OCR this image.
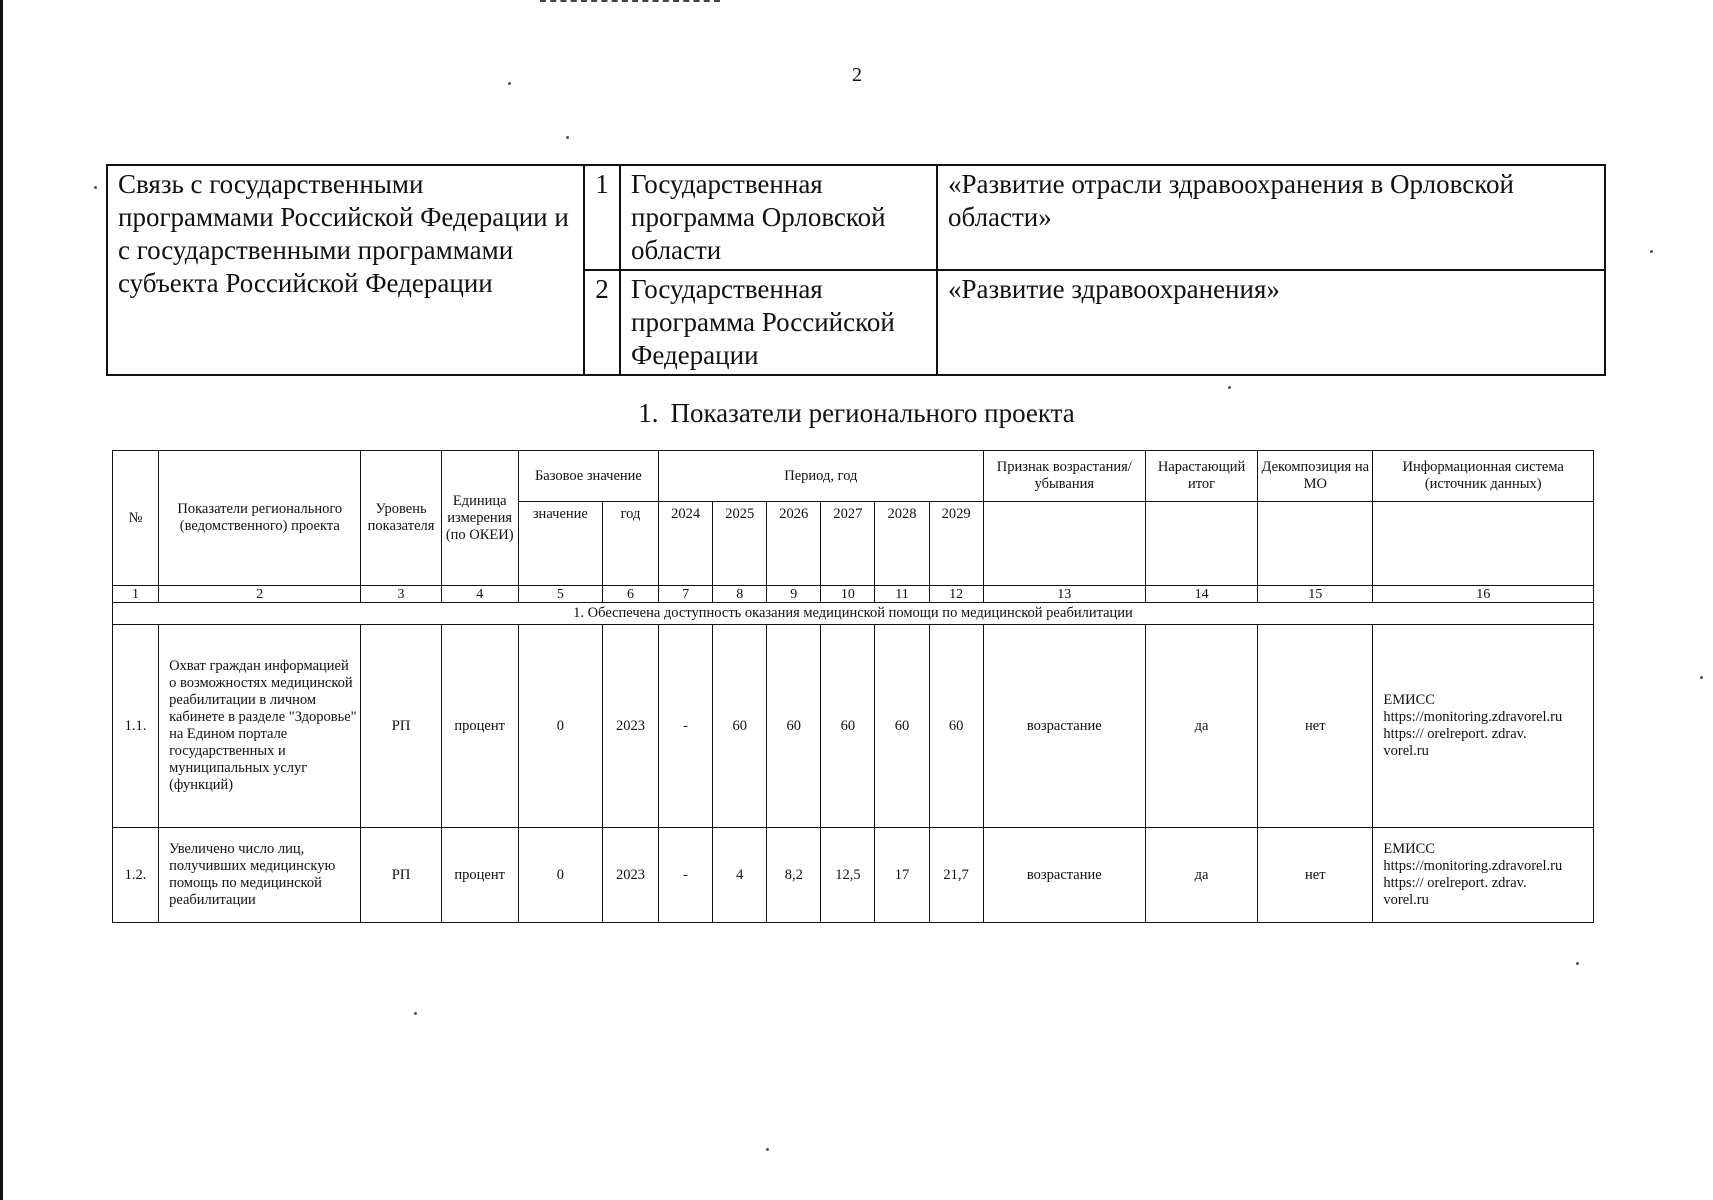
2
Связь с государственными программами Российской Федерации и с государственными программами субъекта Российской Федерации	1	Государственная программа Орловской области	«Развитие отрасли здравоохранения в Орловской области»
	2	Государственная программа Российской Федерации	«Развитие здравоохранения»
1. Показатели регионального проекта
№	Показатели регионального (ведомственного) проекта	Уровень показателя	Единица измерения (по ОКЕИ)	Базовое значение		Период, год						Признак возрастания/убывания	Нарастающий итог	Декомпозиция на МО	Информационная система (источник данных)
				значение	год	2024	2025	2026	2027	2028	2029				
1	2	3	4	5	6	7	8	9	10	11	12	13	14	15	16
1. Обеспечена доступность оказания медицинской помощи по медицинской реабилитации															
1.1.	Охват граждан информацией о возможностях медицинской реабилитации в личном кабинете в разделе "Здоровье" на Едином портале государственных и муниципальных услуг (функций)	РП	процент	0	2023	-	60	60	60	60	60	возрастание	да	нет	ЕМИСС
https://monitoring.zdravorel.ru
https:// orelreport. zdrav.
vorel.ru

1.2.	Увеличено число лиц, получивших медицинскую помощь по медицинской реабилитации	РП	процент	0	2023	-	4	8,2	12,5	17	21,7	возрастание	да	нет	ЕМИСС
https://monitoring.zdravorel.ru
https:// orelreport. zdrav.
vorel.ru
